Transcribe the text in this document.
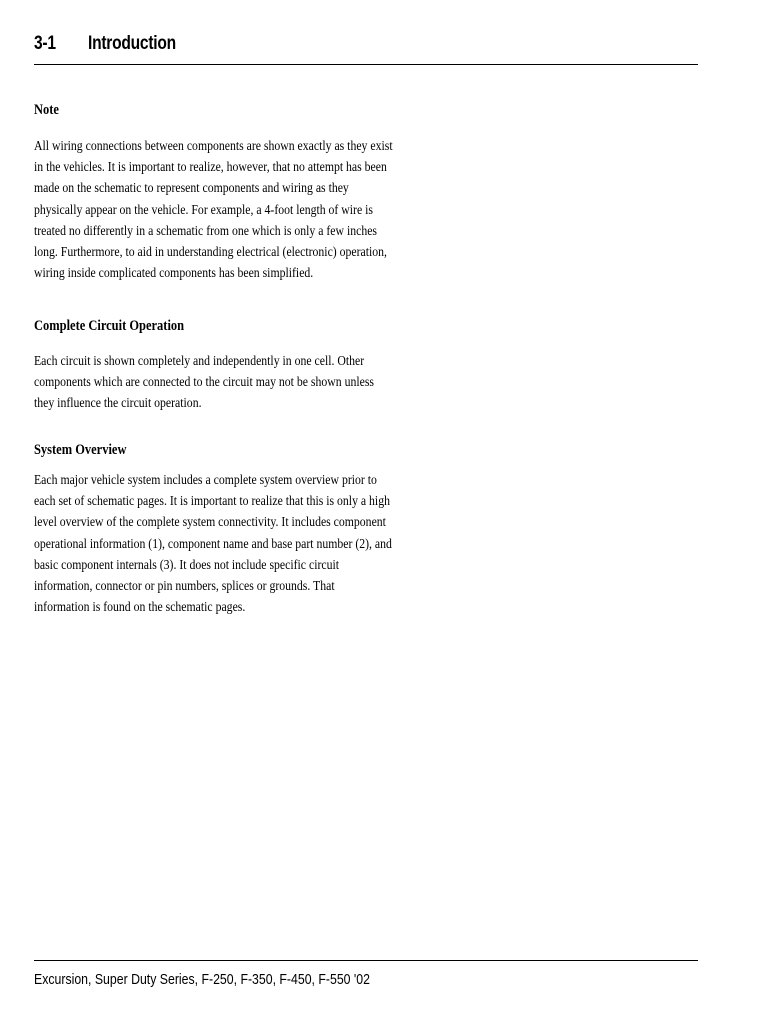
3-1 Introduction
Note
All wiring connections between components are shown exactly as they exist
in the vehicles. It is important to realize, however, that no attempt has been
made on the schematic to represent components and wiring as they
physically appear on the vehicle. For example, a 4-foot length of wire is
treated no differently in a schematic from one which is only a few inches
long. Furthermore, to aid in understanding electrical (electronic) operation,
wiring inside complicated components has been simplified.
Complete Circuit Operation
Each circuit is shown completely and independently in one cell. Other
components which are connected to the circuit may not be shown unless
they influence the circuit operation.
System Overview
Each major vehicle system includes a complete system overview prior to
each set of schematic pages. It is important to realize that this is only a high
level overview of the complete system connectivity. It includes component
operational information (1), component name and base part number (2), and
basic component internals (3). It does not include specific circuit
information, connector or pin numbers, splices or grounds. That
information is found on the schematic pages.
Excursion, Super Duty Series, F-250, F-350, F-450, F-550 '02
